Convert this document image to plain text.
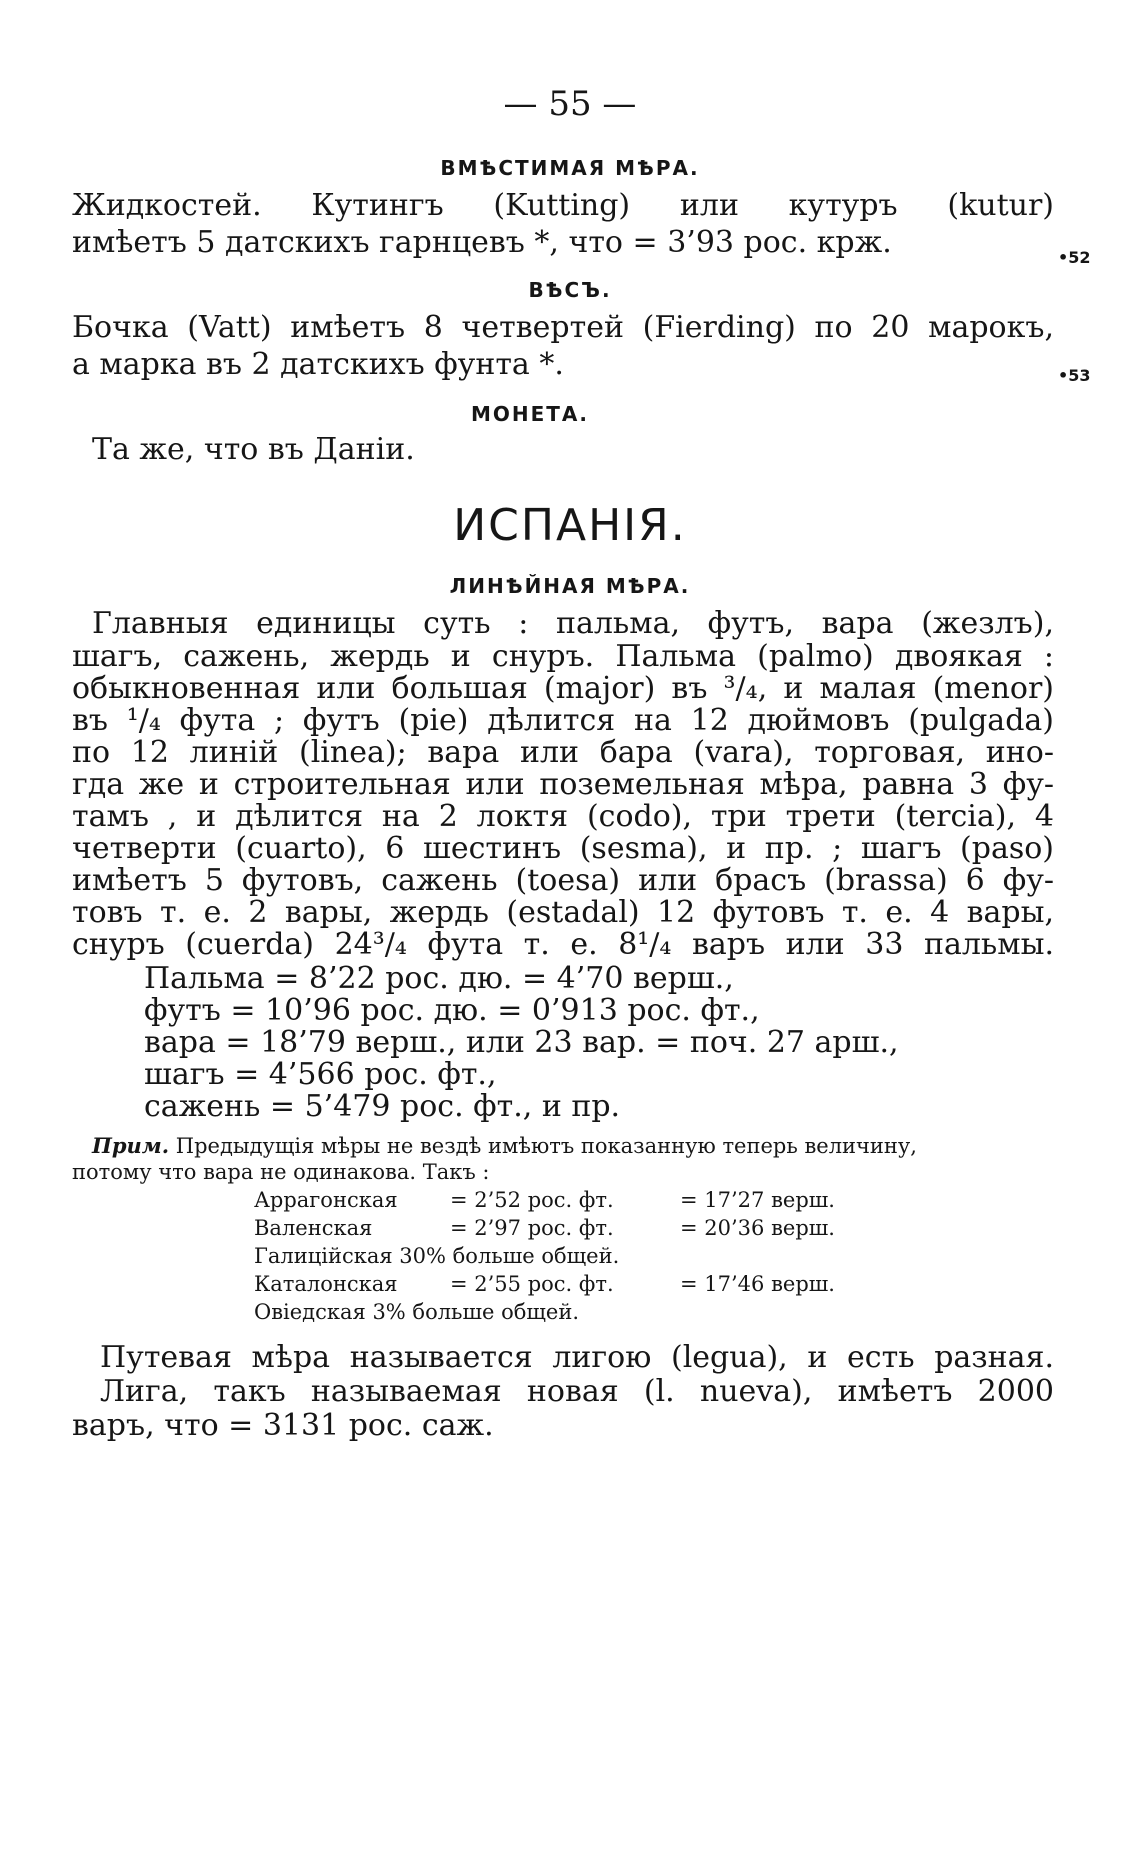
— 55 —
ВМѢСТИМАЯ МѢРА.
Жидкостей. Кутингъ (Kutting) или кутуръ (kutur)
имѣетъ 5 датскихъ гарнцевъ *, что = 3’93 рос. крж.	•52
ВѢСЪ.
Бочка (Vatt) имѣетъ 8 четвертей (Fierding) по 20 марокъ,
а марка въ 2 датскихъ фунта *.	•53
МОНЕТА.
Та же, что въ Даніи.
ИСПАНІЯ.
ЛИНѢЙНАЯ МѢРА.
Главныя единицы суть : пальма, футъ, вара (жезлъ),
шагъ, сажень, жердь и снуръ. Пальма (palmo) двоякая :
обыкновенная или большая (major) въ ³/₄, и малая (menor)
въ ¹/₄ фута ; футъ (pie) дѣлится на 12 дюймовъ (pulgada)
по 12 линій (linea); вара или бара (vara), торговая, ино-
гда же и строительная или поземельная мѣра, равна 3 фу-
тамъ , и дѣлится на 2 локтя (codo), три трети (tercia), 4
четверти (cuarto), 6 шестинъ (sesma), и пр. ; шагъ (paso)
имѣетъ 5 футовъ, сажень (toesa) или брасъ (brassa) 6 фу-
товъ т. е. 2 вары, жердь (estadal) 12 футовъ т. е. 4 вары,
снуръ (cuerda) 24³/₄ фута т. е. 8¹/₄ варъ или 33 пальмы.
Пальма = 8’22 рос. дю. = 4’70 верш.,
футъ = 10’96 рос. дю. = 0’913 рос. фт.,
вара = 18’79 верш., или 23 вар. = поч. 27 арш.,
шагъ = 4’566 рос. фт.,
сажень = 5’479 рос. фт., и пр.
Прим. Предыдущія мѣры не вездѣ имѣютъ показанную теперь величину,
потому что вара не одинакова. Такъ :
Аррагонская = 2’52 рос. фт.	= 17’27 верш.
Валенская	= 2’97 рос. фт.	= 20’36 верш.
Галиційская 30% больше общей.
Каталонская = 2’55 рос. фт.	= 17’46 верш.
Овіедская 3% больше общей.
Путевая мѣра называется лигою (legua), и есть разная.
Лига, такъ называемая новая (l. nueva), имѣетъ 2000
варъ, что = 3131 рос. саж.
